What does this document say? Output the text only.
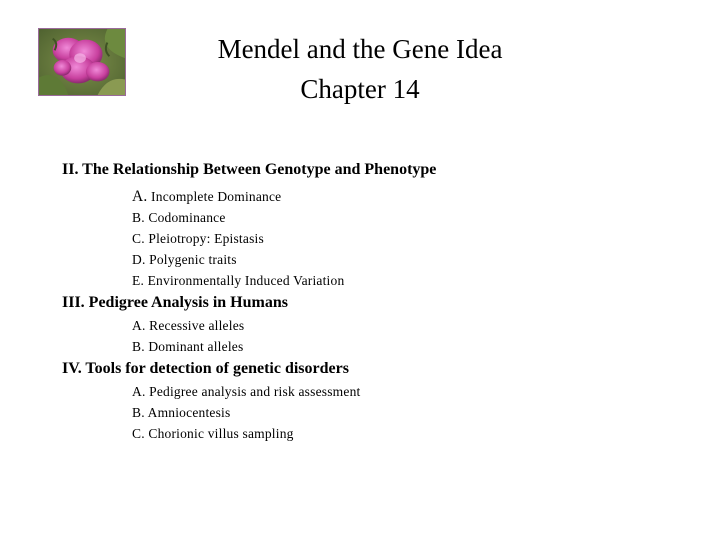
Mendel and the Gene Idea
Chapter 14
II. The Relationship Between Genotype and Phenotype
A. Incomplete Dominance
B. Codominance
C. Pleiotropy: Epistasis
D. Polygenic traits
E. Environmentally Induced Variation
III. Pedigree Analysis in Humans
A. Recessive alleles
B. Dominant alleles
IV. Tools for detection of genetic disorders
A. Pedigree analysis and risk assessment
B. Amniocentesis
C. Chorionic villus sampling
